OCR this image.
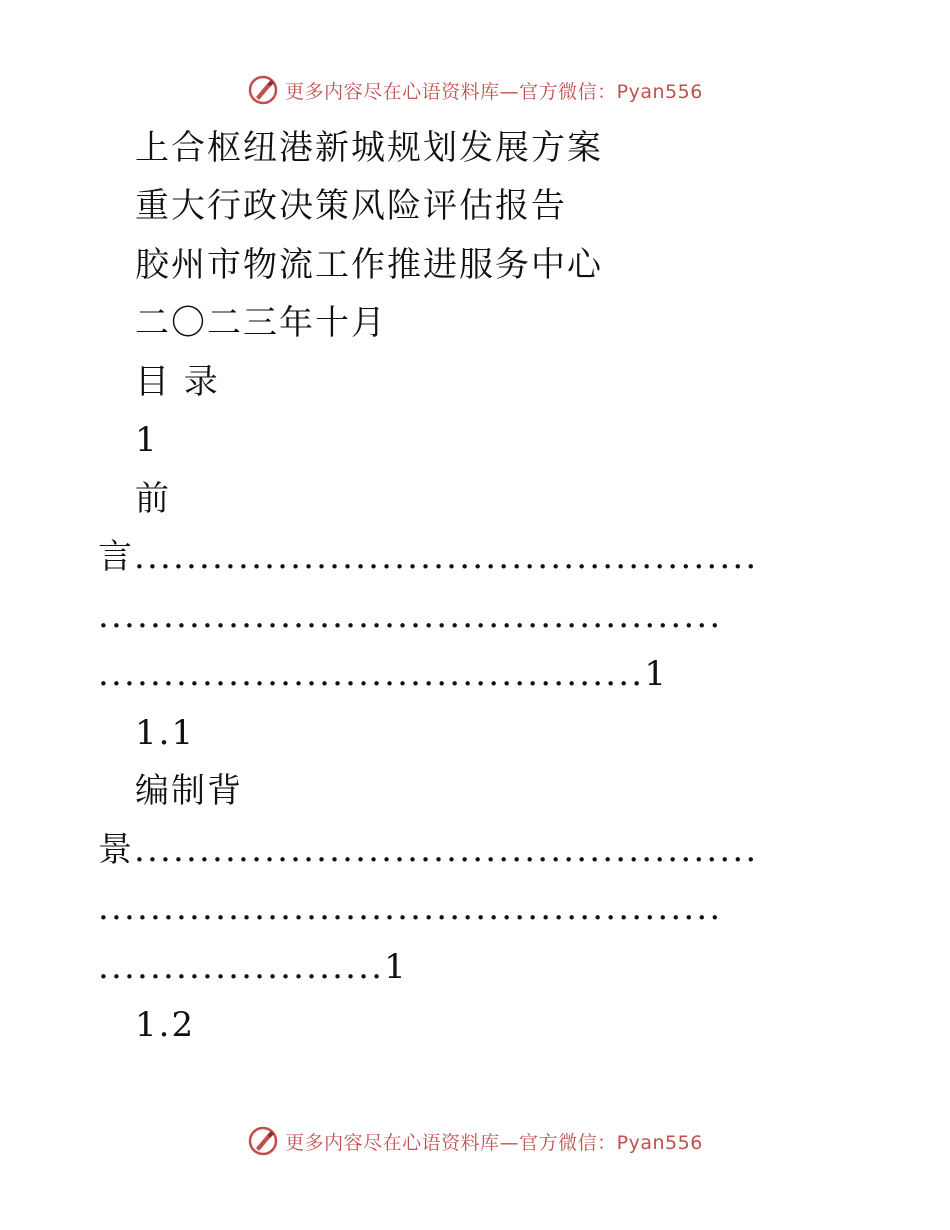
更多内容尽在心语资料库—官方微信：Pyan556
上合枢纽港新城规划发展方案
重大行政决策风险评估报告
胶州市物流工作推进服务中心
二〇二三年十月
目 录
1
前
言................................................
................................................
..........................................1
1.1
编制背
景................................................
................................................
......................1
1.2
更多内容尽在心语资料库—官方微信：Pyan556
